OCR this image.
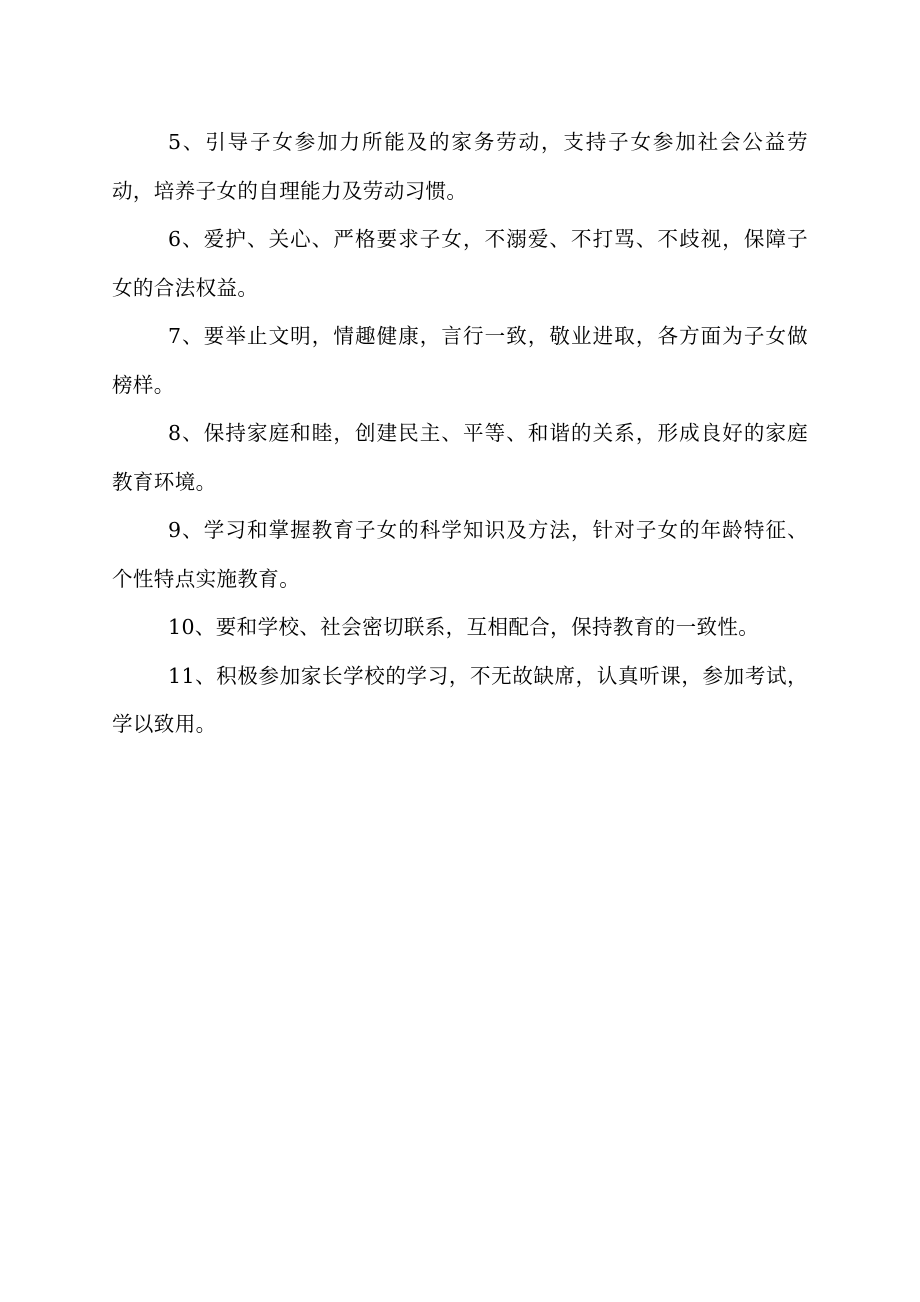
5、引导子女参加力所能及的家务劳动，支持子女参加社会公益劳动，培养子女的自理能力及劳动习惯。

6、爱护、关心、严格要求子女，不溺爱、不打骂、不歧视，保障子女的合法权益。

7、要举止文明，情趣健康，言行一致，敬业进取，各方面为子女做榜样。

8、保持家庭和睦，创建民主、平等、和谐的关系，形成良好的家庭教育环境。

9、学习和掌握教育子女的科学知识及方法，针对子女的年龄特征、个性特点实施教育。

10、要和学校、社会密切联系，互相配合，保持教育的一致性。

11、积极参加家长学校的学习，不无故缺席，认真听课，参加考试，学以致用。
